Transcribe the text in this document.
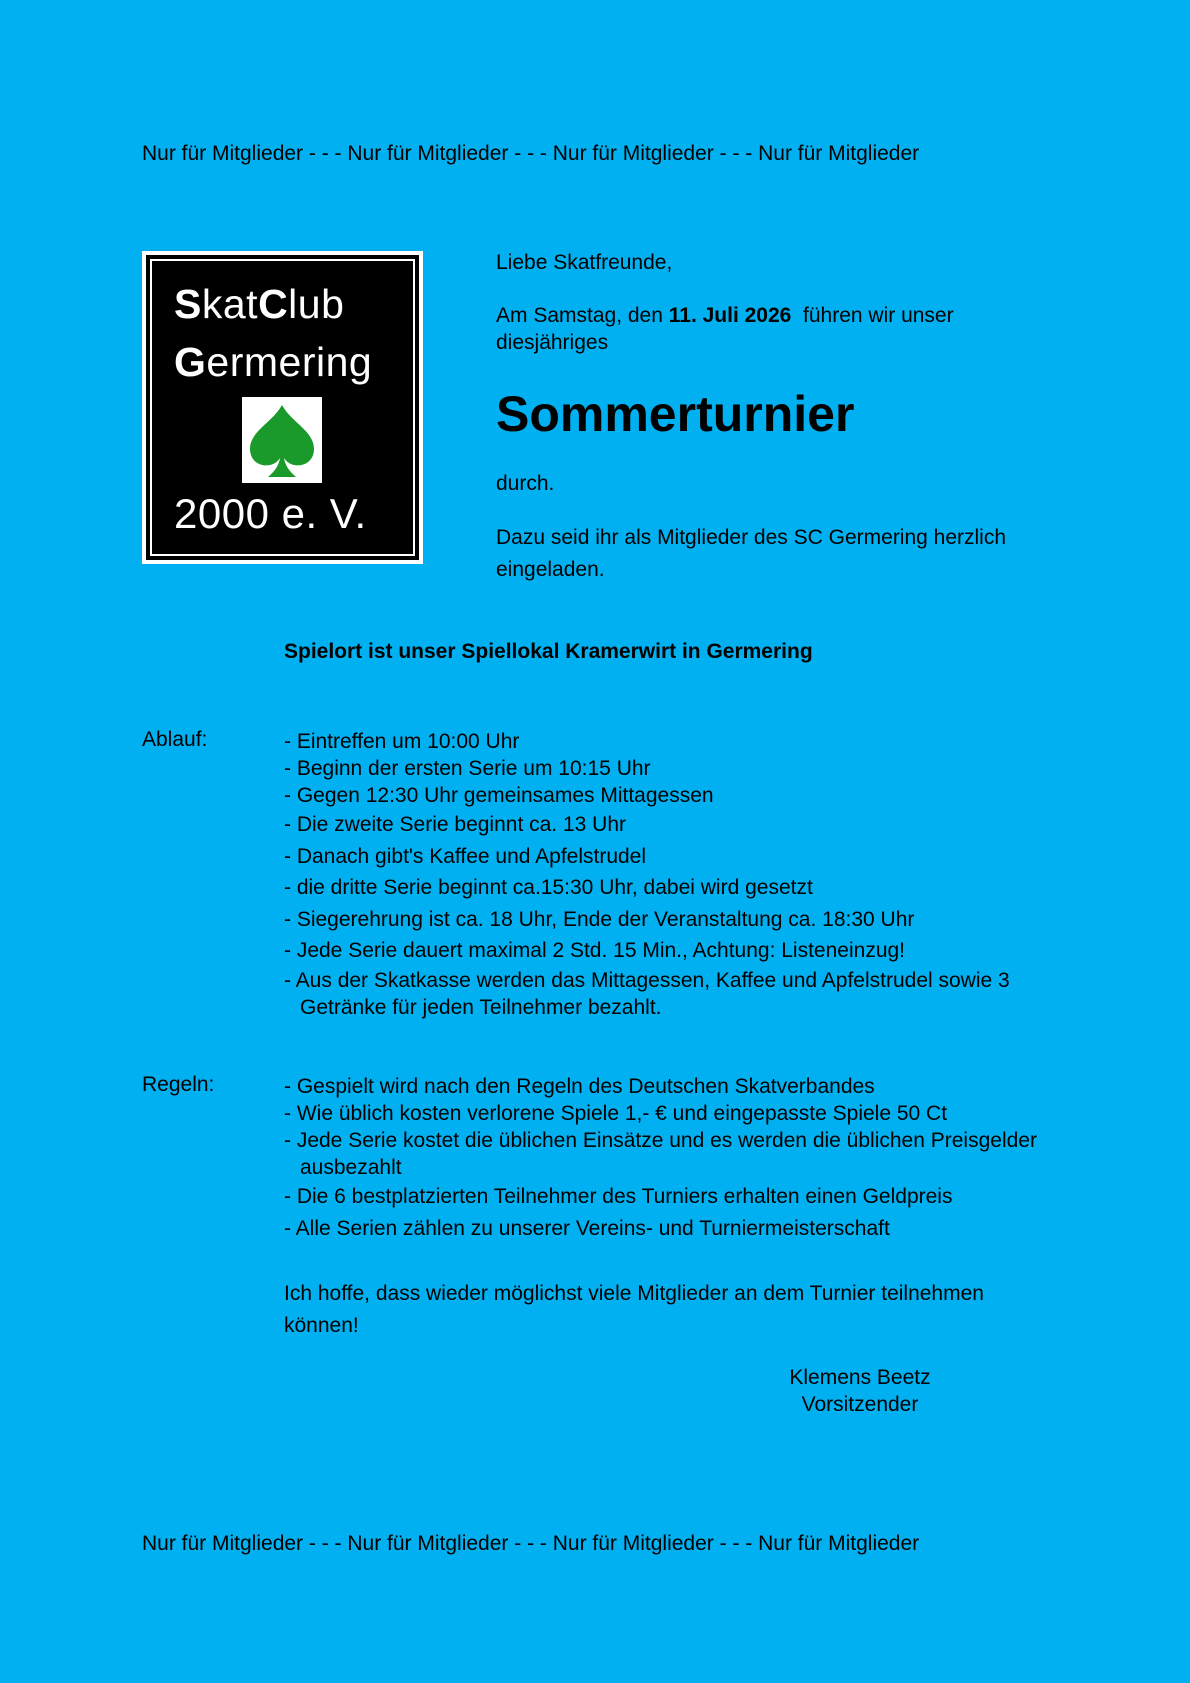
Nur für Mitglieder - - - Nur für Mitglieder - - - Nur für Mitglieder - - - Nur für Mitglieder
SkatClub
Germering
2000 e. V.
Liebe Skatfreunde,
Am Samstag, den 11. Juli 2026  führen wir unser diesjähriges
Sommerturnier
durch.
Dazu seid ihr als Mitglieder des SC Germering herzlich eingeladen.
Spielort ist unser Spiellokal Kramerwirt in Germering
Ablauf:	- Eintreffen um 10:00 Uhr
- Beginn der ersten Serie um 10:15 Uhr
- Gegen 12:30 Uhr gemeinsames Mittagessen
- Die zweite Serie beginnt ca. 13 Uhr
- Danach gibt's Kaffee und Apfelstrudel
- die dritte Serie beginnt ca.15:30 Uhr, dabei wird gesetzt
- Siegerehrung ist ca. 18 Uhr, Ende der Veranstaltung ca. 18:30 Uhr
- Jede Serie dauert maximal 2 Std. 15 Min., Achtung: Listeneinzug!
- Aus der Skatkasse werden das Mittagessen, Kaffee und Apfelstrudel sowie 3 Getränke für jeden Teilnehmer bezahlt.
Regeln:	- Gespielt wird nach den Regeln des Deutschen Skatverbandes
- Wie üblich kosten verlorene Spiele 1,- € und eingepasste Spiele 50 Ct
- Jede Serie kostet die üblichen Einsätze und es werden die üblichen Preisgelder ausbezahlt
- Die 6 bestplatzierten Teilnehmer des Turniers erhalten einen Geldpreis
- Alle Serien zählen zu unserer Vereins- und Turniermeisterschaft
Ich hoffe, dass wieder möglichst viele Mitglieder an dem Turnier teilnehmen können!
Klemens Beetz
Vorsitzender
Nur für Mitglieder - - - Nur für Mitglieder - - - Nur für Mitglieder - - - Nur für Mitglieder
